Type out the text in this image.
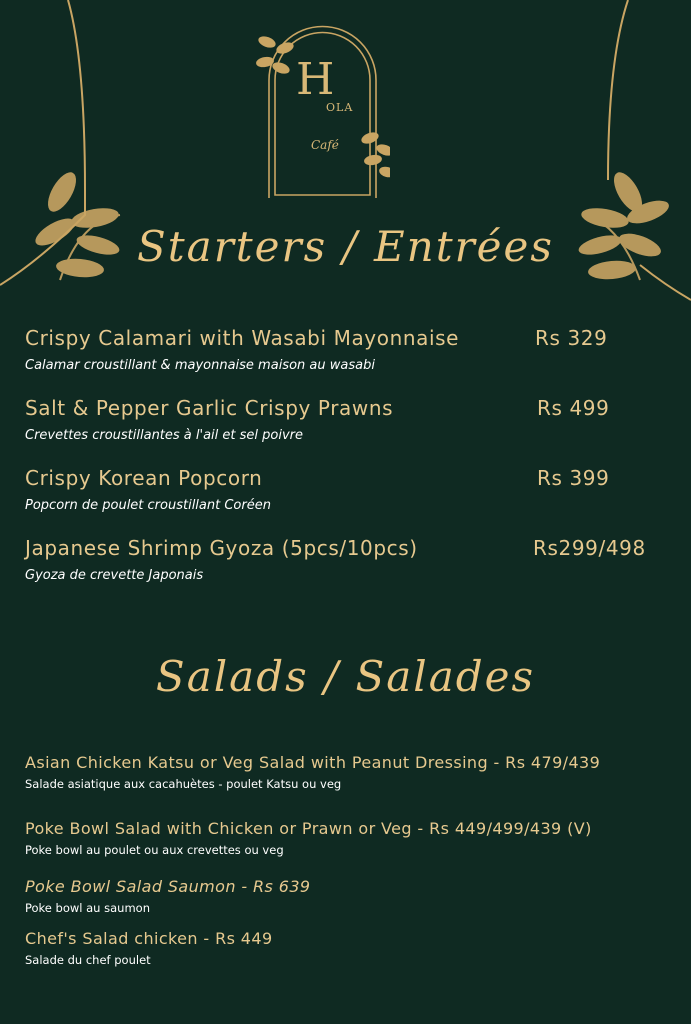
H
OLA
Café
Starters / Entrées
Crispy Calamari with Wasabi Mayonnaise
Calamar croustillant & mayonnaise maison au wasabi
Rs 329
Salt & Pepper Garlic Crispy Prawns
Crevettes croustillantes à l'ail et sel poivre
Rs 499
Crispy Korean Popcorn
Popcorn de poulet croustillant Coréen
Rs 399
Japanese Shrimp Gyoza (5pcs/10pcs)
Gyoza de crevette Japonais
Rs299/498
Salads / Salades
Asian Chicken Katsu or Veg Salad with Peanut Dressing - Rs 479/439
Salade asiatique aux cacahuètes - poulet Katsu ou veg
Poke Bowl Salad with Chicken or Prawn or Veg - Rs 449/499/439 (V)
Poke bowl au poulet ou aux crevettes ou veg
Poke Bowl Salad Saumon - Rs 639
Poke bowl au saumon
Chef's Salad chicken - Rs 449
Salade du chef poulet
